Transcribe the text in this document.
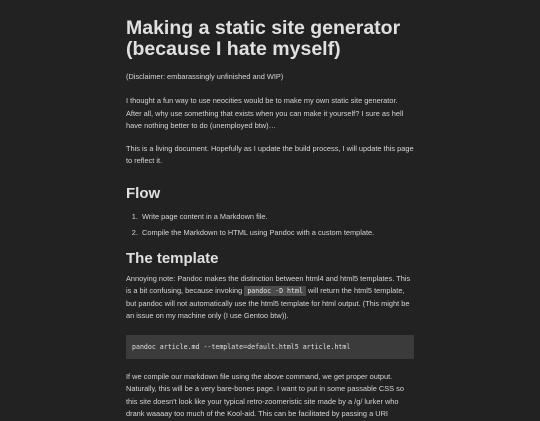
Making a static site generator (because I hate myself)

(Disclaimer: embarassingly unfinished and WIP)

I thought a fun way to use neocities would be to make my own static site generator. After all, why use something that exists when you can make it yourself? I sure as hell have nothing better to do (unemployed btw)…

This is a living document. Hopefully as I update the build process, I will update this page to reflect it.

Flow
1. Write page content in a Markdown file.
2. Compile the Markdown to HTML using Pandoc with a custom template.
The template

Annoying note: Pandoc makes the distinction between html4 and html5 templates. This is a bit confusing, because invoking pandoc -D html will return the html5 template, but pandoc will not automatically use the html5 template for html output. (This might be an issue on my machine only (I use Gentoo btw)).

pandoc article.md --template=default.html5 article.html

If we compile our markdown file using the above command, we get proper output. Naturally, this will be a very bare-bones page. I want to put in some passable CSS so this site doesn't look like your typical retro-zoomeristic site made by a /g/ lurker who drank waaaay too much of the Kool-aid. This can be facilitated by passing a URI
